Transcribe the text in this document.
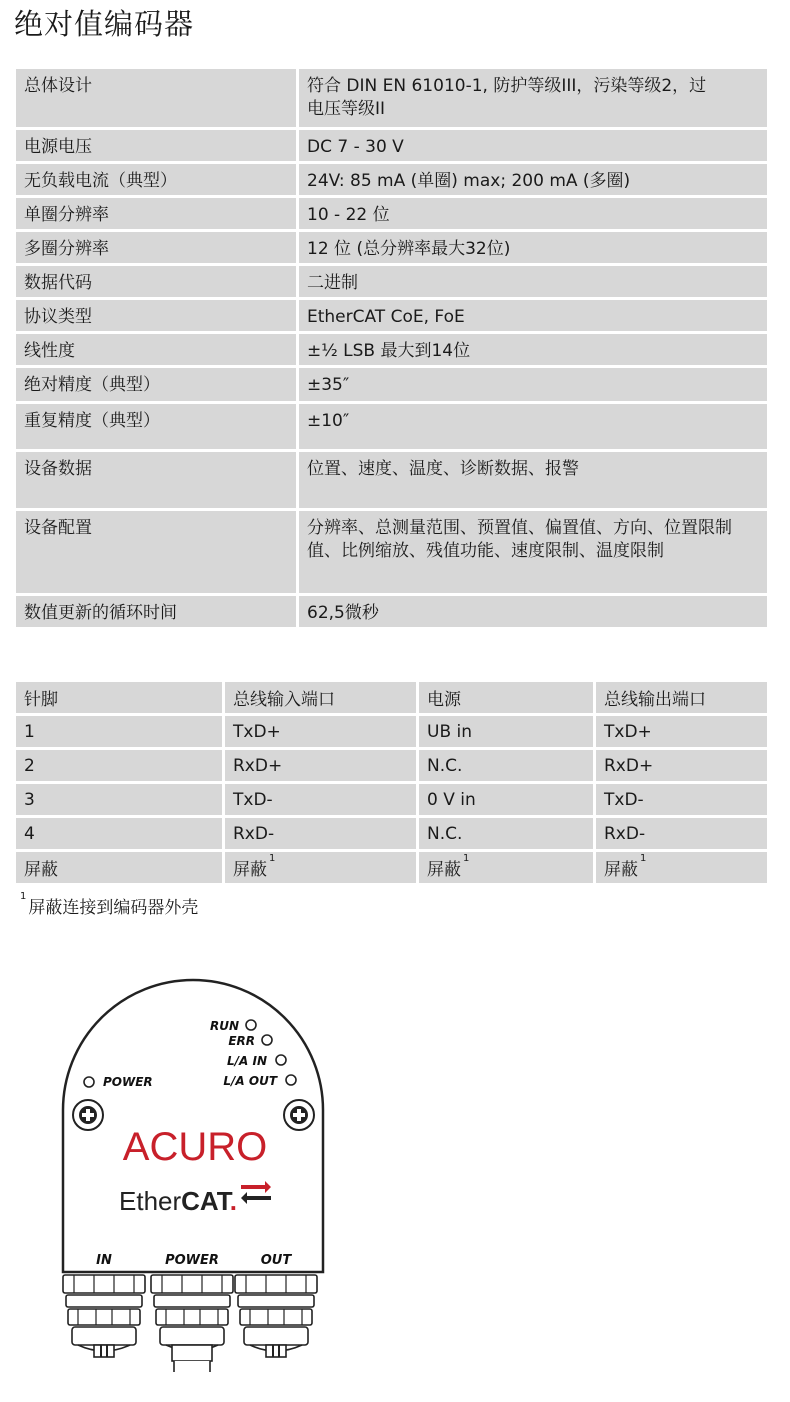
绝对值编码器
总体设计	符合 DIN EN 61010-1, 防护等级III，污染等级2，过电压等级II
电源电压	DC 7 - 30 V
无负载电流（典型）	24V: 85 mA (单圈) max; 200 mA (多圈)
单圈分辨率	10 - 22 位
多圈分辨率	12 位 (总分辨率最大32位)
数据代码	二进制
协议类型	EtherCAT CoE, FoE
线性度	±½ LSB 最大到14位
绝对精度（典型）	±35″
重复精度（典型）	±10″
设备数据	位置、速度、温度、诊断数据、报警
设备配置	分辨率、总测量范围、预置值、偏置值、方向、位置限制值、比例缩放、残值功能、速度限制、温度限制
数值更新的循环时间	62,5微秒
针脚	总线输入端口	电源	总线输出端口
1	TxD+	UB in	TxD+
2	RxD+	N.C.	RxD+
3	TxD-	0 V in	TxD-
4	RxD-	N.C.	RxD-
屏蔽	屏蔽$^1$	屏蔽$^1$	屏蔽$^1$
$^1$屏蔽连接到编码器外壳
POWER
RUN
ERR
L/A IN
L/A OUT
ACURO
EtherCAT.
IN	POWER	OUT
